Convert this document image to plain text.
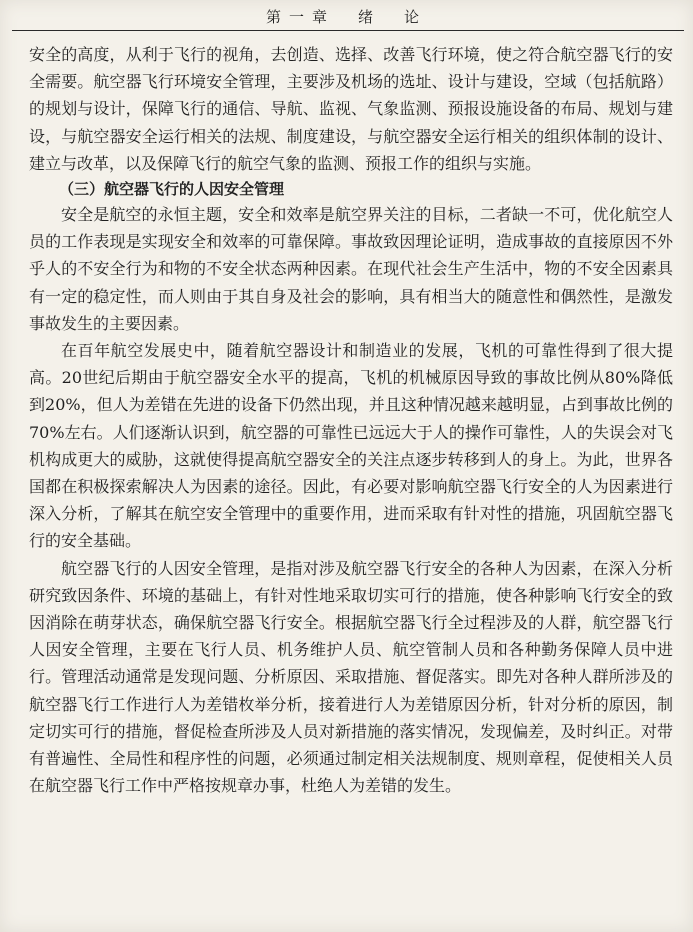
第一章　绪　论

安全的高度，从利于飞行的视角，去创造、选择、改善飞行环境，使之符合航空器飞行的安全需要。航空器飞行环境安全管理，主要涉及机场的选址、设计与建设，空域（包括航路）的规划与设计，保障飞行的通信、导航、监视、气象监测、预报设施设备的布局、规划与建设，与航空器安全运行相关的法规、制度建设，与航空器安全运行相关的组织体制的设计、建立与改革，以及保障飞行的航空气象的监测、预报工作的组织与实施。

（三）航空器飞行的人因安全管理

安全是航空的永恒主题，安全和效率是航空界关注的目标，二者缺一不可，优化航空人员的工作表现是实现安全和效率的可靠保障。事故致因理论证明，造成事故的直接原因不外乎人的不安全行为和物的不安全状态两种因素。在现代社会生产生活中，物的不安全因素具有一定的稳定性，而人则由于其自身及社会的影响，具有相当大的随意性和偶然性，是激发事故发生的主要因素。

在百年航空发展史中，随着航空器设计和制造业的发展，飞机的可靠性得到了很大提高。20世纪后期由于航空器安全水平的提高，飞机的机械原因导致的事故比例从80%降低到20%，但人为差错在先进的设备下仍然出现，并且这种情况越来越明显，占到事故比例的70%左右。人们逐渐认识到，航空器的可靠性已远远大于人的操作可靠性，人的失误会对飞机构成更大的威胁，这就使得提高航空器安全的关注点逐步转移到人的身上。为此，世界各国都在积极探索解决人为因素的途径。因此，有必要对影响航空器飞行安全的人为因素进行深入分析，了解其在航空安全管理中的重要作用，进而采取有针对性的措施，巩固航空器飞行的安全基础。

航空器飞行的人因安全管理，是指对涉及航空器飞行安全的各种人为因素，在深入分析研究致因条件、环境的基础上，有针对性地采取切实可行的措施，使各种影响飞行安全的致因消除在萌芽状态，确保航空器飞行安全。根据航空器飞行全过程涉及的人群，航空器飞行人因安全管理，主要在飞行人员、机务维护人员、航空管制人员和各种勤务保障人员中进行。管理活动通常是发现问题、分析原因、采取措施、督促落实。即先对各种人群所涉及的航空器飞行工作进行人为差错枚举分析，接着进行人为差错原因分析，针对分析的原因，制定切实可行的措施，督促检查所涉及人员对新措施的落实情况，发现偏差，及时纠正。对带有普遍性、全局性和程序性的问题，必须通过制定相关法规制度、规则章程，促使相关人员在航空器飞行工作中严格按规章办事，杜绝人为差错的发生。
